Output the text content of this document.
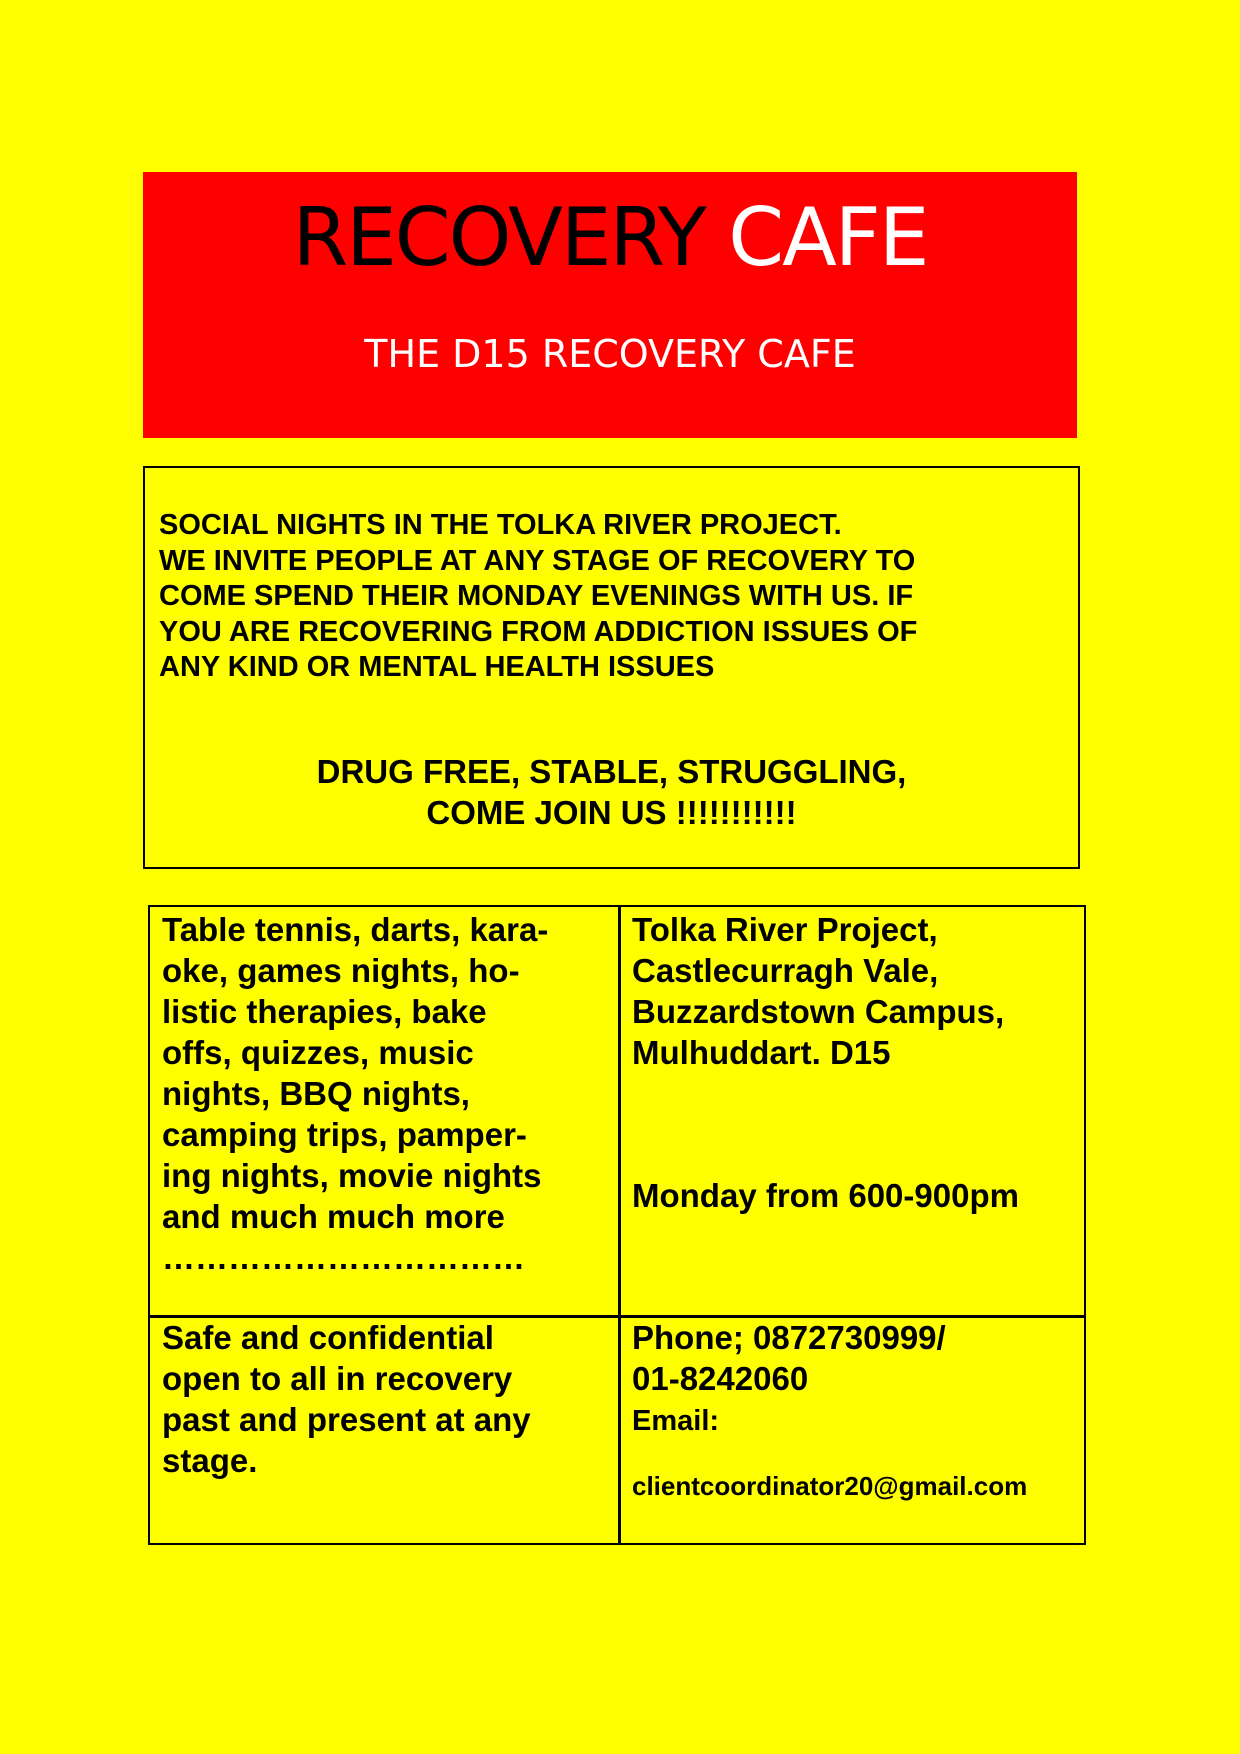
RECOVERY CAFE
THE D15 RECOVERY CAFE
SOCIAL NIGHTS IN THE TOLKA RIVER PROJECT.
WE INVITE PEOPLE AT ANY STAGE OF RECOVERY TO
COME SPEND THEIR MONDAY EVENINGS WITH US. IF
YOU ARE RECOVERING FROM ADDICTION ISSUES OF
ANY KIND OR MENTAL HEALTH ISSUES
DRUG FREE, STABLE, STRUGGLING,
COME JOIN US !!!!!!!!!!!
Table tennis, darts, kara-
oke, games nights, ho-
listic therapies, bake
offs, quizzes, music
nights, BBQ nights,
camping trips, pamper-
ing nights, movie nights
and much much more
……………………………
Tolka River Project,
Castlecurragh Vale,
Buzzardstown Campus,
Mulhuddart. D15
Monday from 600-900pm
Safe and confidential
open to all in recovery
past and present at any
stage.
Phone; 0872730999/
01-8242060
Email:
clientcoordinator20@gmail.com
